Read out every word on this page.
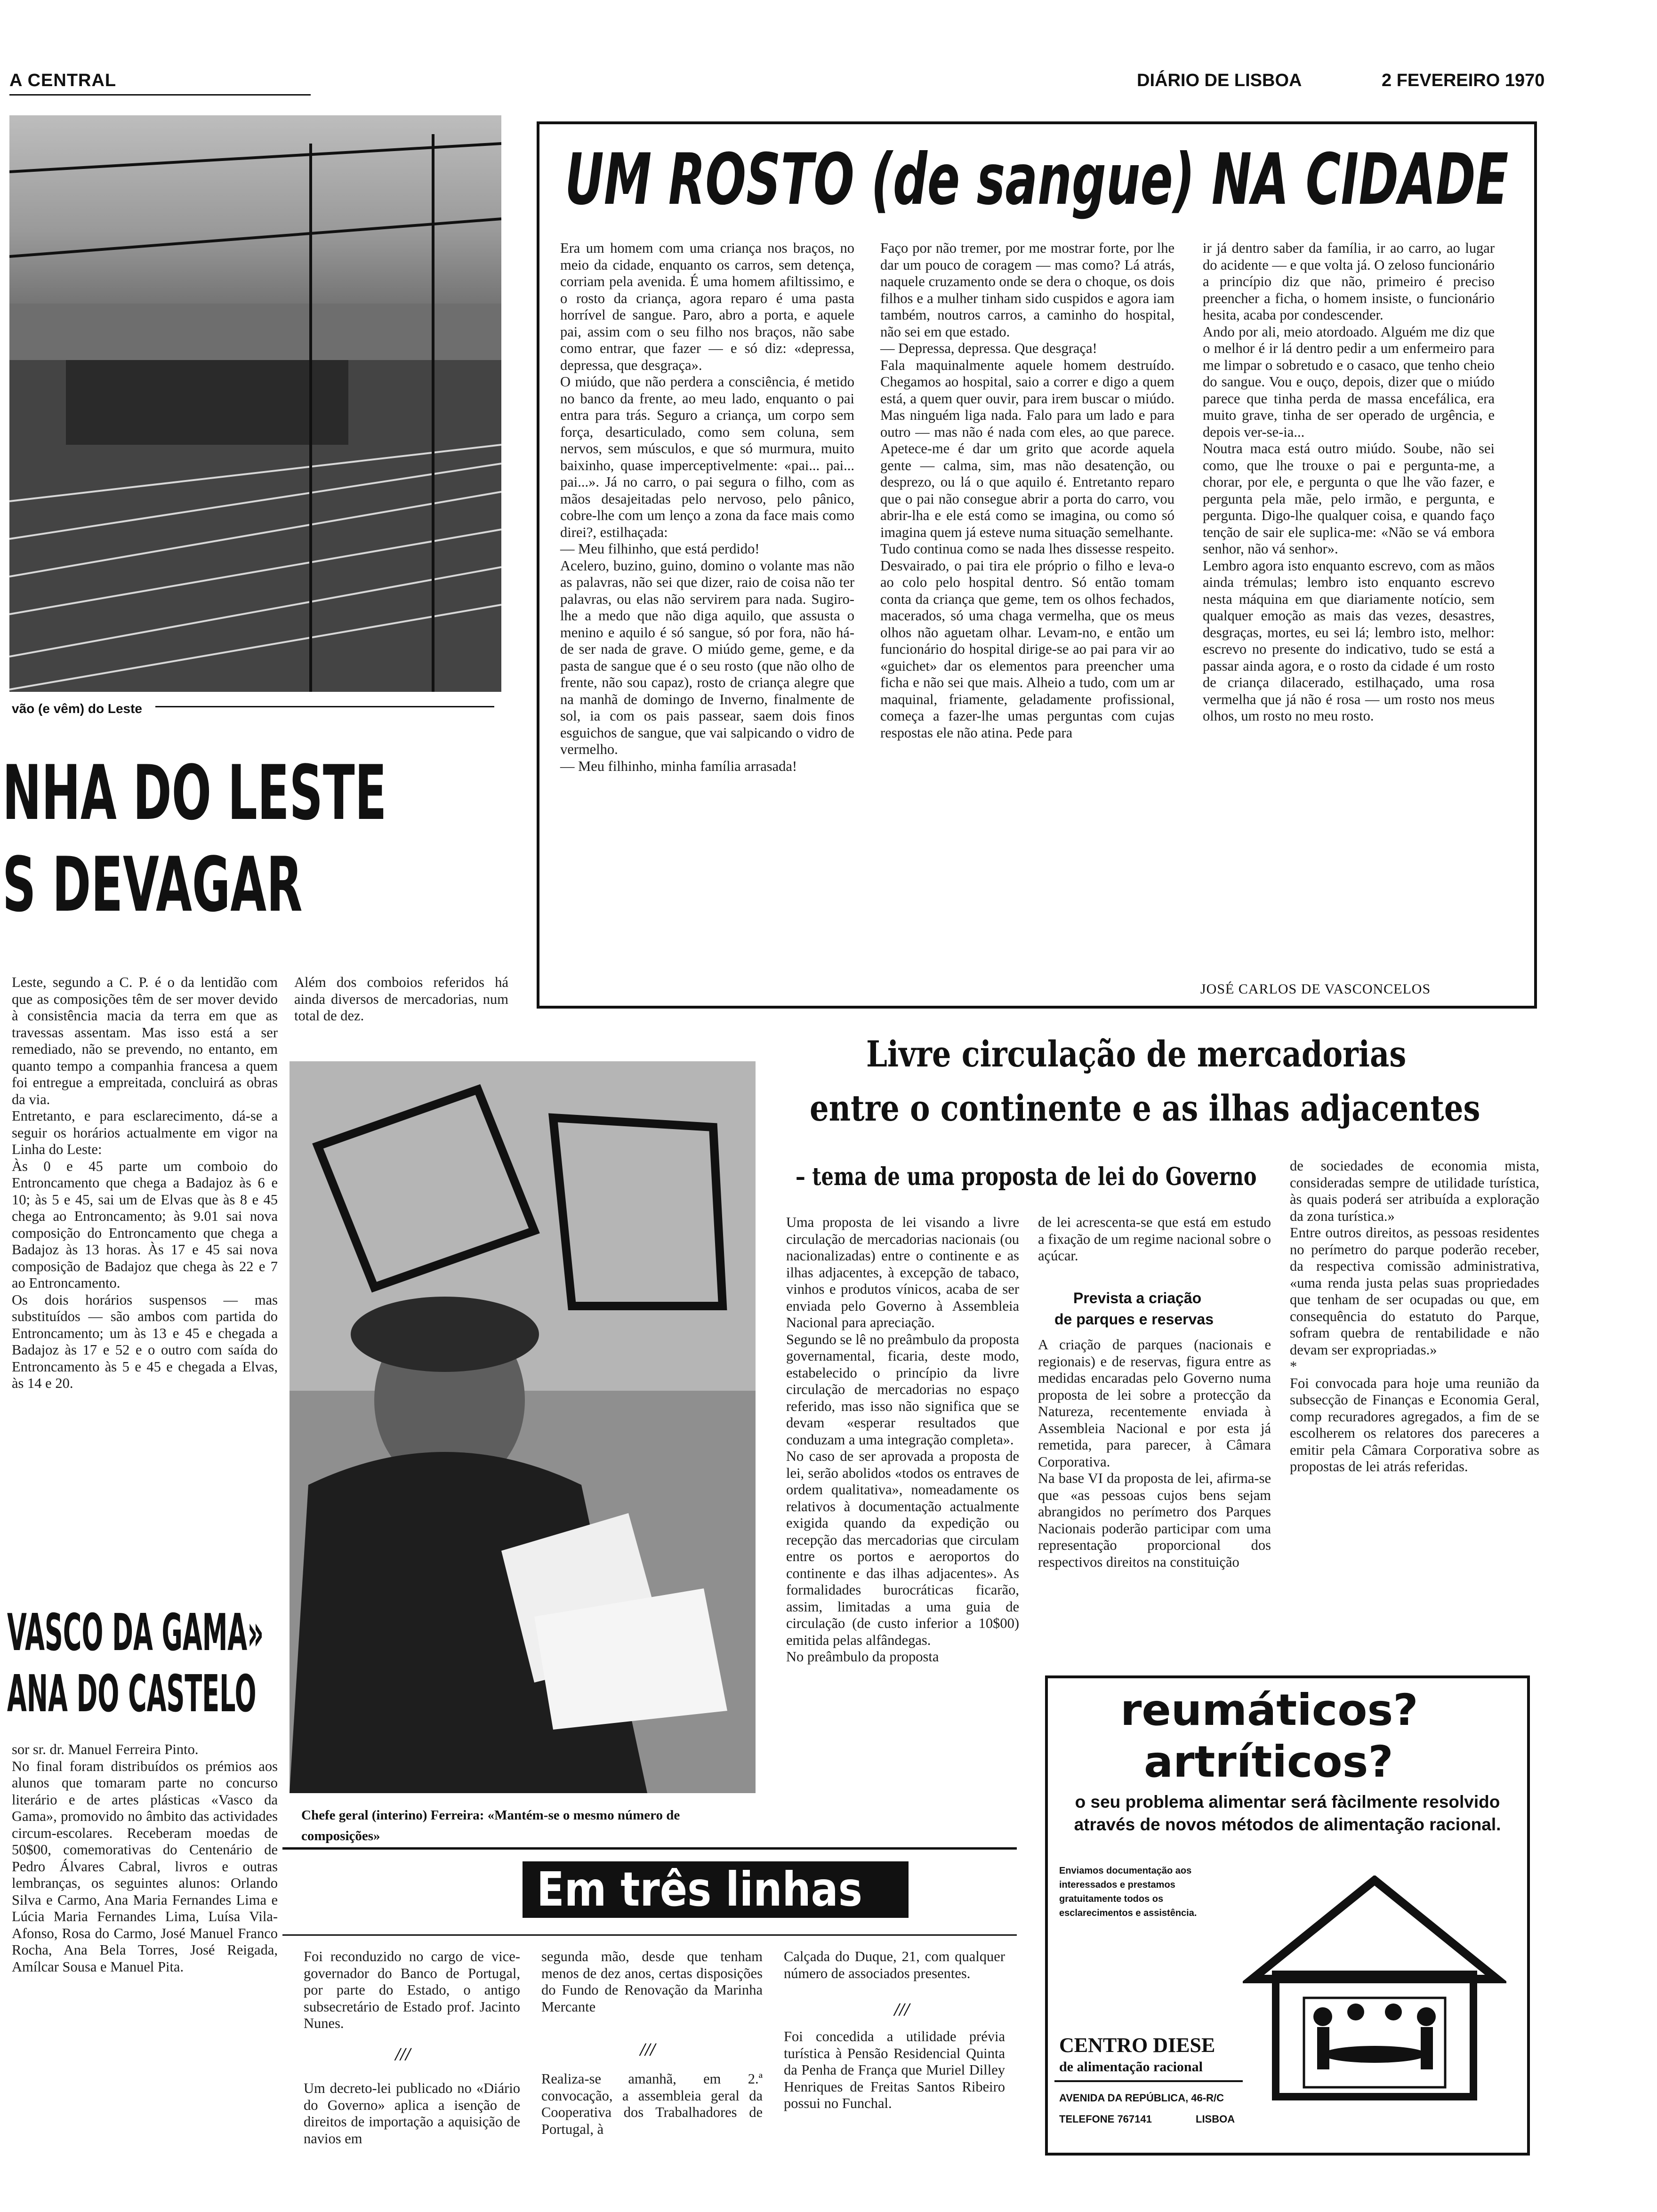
A CENTRAL	DIÁRIO DE LISBOA	2 FEVEREIRO 1970
vão (e vêm) do Leste
NHA DO LESTE
S DEVAGAR
Leste, segundo a C. P. é o da lentidão com que as composições têm de ser mover devido à consistência macia da terra em que as travessas assentam. Mas isso está a ser remediado, não se prevendo, no entanto, em quanto tempo a companhia francesa a quem foi entregue a empreitada, concluirá as obras da via.
Entretanto, e para esclarecimento, dá-se a seguir os horários actualmente em vigor na Linha do Leste:
Às 0 e 45 parte um comboio do Entroncamento que chega a Badajoz às 6 e 10; às 5 e 45, sai um de Elvas que às 8 e 45 chega ao Entroncamento; às 9.01 sai nova composição do Entroncamento que chega a Badajoz às 13 horas. Às 17 e 45 sai nova composição de Badajoz que chega às 22 e 7 ao Entroncamento.
Os dois horários suspensos — mas substituídos — são ambos com partida do Entroncamento; um às 13 e 45 e chegada a Badajoz às 17 e 52 e o outro com saída do Entroncamento às 5 e 45 e chegada a Elvas, às 14 e 20.
Além dos comboios referidos há ainda diversos de mercadorias, num total de dez.
VASCO DA GAMA»
ANA DO CASTELO
sor sr. dr. Manuel Ferreira Pinto.
No final foram distribuídos os prémios aos alunos que tomaram parte no concurso literário e de artes plásticas «Vasco da Gama», promovido no âmbito das actividades circum-escolares. Receberam moedas de 50$00, comemorativas do Centenário de Pedro Álvares Cabral, livros e outras lembranças, os seguintes alunos: Orlando Silva e Carmo, Ana Maria Fernandes Lima e Lúcia Maria Fernandes Lima, Luísa Vila-Afonso, Rosa do Carmo, José Manuel Franco Rocha, Ana Bela Torres, José Reigada, Amílcar Sousa e Manuel Pita.
UM ROSTO (de sangue) NA CIDADE
Era um homem com uma criança nos braços, no meio da cidade, enquanto os carros, sem detença, corriam pela avenida. É uma homem afiltissimo, e o rosto da criança, agora reparo é uma pasta horrível de sangue. Paro, abro a porta, e aquele pai, assim com o seu filho nos braços, não sabe como entrar, que fazer — e só diz: «depressa, depressa, que desgraça».
O miúdo, que não perdera a consciência, é metido no banco da frente, ao meu lado, enquanto o pai entra para trás. Seguro a criança, um corpo sem força, desarticulado, como sem coluna, sem nervos, sem músculos, e que só murmura, muito baixinho, quase imperceptivelmente: «pai... pai... pai...». Já no carro, o pai segura o filho, com as mãos desajeitadas pelo nervoso, pelo pânico, cobre-lhe com um lenço a zona da face mais como direi?, estilhaçada:
— Meu filhinho, que está perdido!
Acelero, buzino, guino, domino o volante mas não as palavras, não sei que dizer, raio de coisa não ter palavras, ou elas não servirem para nada. Sugiro-lhe a medo que não diga aquilo, que assusta o menino e aquilo é só sangue, só por fora, não há-de ser nada de grave. O miúdo geme, geme, e da pasta de sangue que é o seu rosto (que não olho de frente, não sou capaz), rosto de criança alegre que na manhã de domingo de Inverno, finalmente de sol, ia com os pais passear, saem dois finos esguichos de sangue, que vai salpicando o vidro de vermelho.
— Meu filhinho, minha família arrasada!
Faço por não tremer, por me mostrar forte, por lhe dar um pouco de coragem — mas como? Lá atrás, naquele cruzamento onde se dera o choque, os dois filhos e a mulher tinham sido cuspidos e agora iam também, noutros carros, a caminho do hospital, não sei em que estado.
— Depressa, depressa. Que desgraça!
Fala maquinalmente aquele homem destruído. Chegamos ao hospital, saio a correr e digo a quem está, a quem quer ouvir, para irem buscar o miúdo. Mas ninguém liga nada. Falo para um lado e para outro — mas não é nada com eles, ao que parece. Apetece-me é dar um grito que acorde aquela gente — calma, sim, mas não desatenção, ou desprezo, ou lá o que aquilo é. Entretanto reparo que o pai não consegue abrir a porta do carro, vou abrir-lha e ele está como se imagina, ou como só imagina quem já esteve numa situação semelhante.
Tudo continua como se nada lhes dissesse respeito. Desvairado, o pai tira ele próprio o filho e leva-o ao colo pelo hospital dentro. Só então tomam conta da criança que geme, tem os olhos fechados, macerados, só uma chaga vermelha, que os meus olhos não aguetam olhar. Levam-no, e então um funcionário do hospital dirige-se ao pai para vir ao «guichet» dar os elementos para preencher uma ficha e não sei que mais. Alheio a tudo, com um ar maquinal, friamente, geladamente profissional, começa a fazer-lhe umas perguntas com cujas respostas ele não atina. Pede para
ir já dentro saber da família, ir ao carro, ao lugar do acidente — e que volta já. O zeloso funcionário a princípio diz que não, primeiro é preciso preencher a ficha, o homem insiste, o funcionário hesita, acaba por condescender.
Ando por ali, meio atordoado. Alguém me diz que o melhor é ir lá dentro pedir a um enfermeiro para me limpar o sobretudo e o casaco, que tenho cheio do sangue. Vou e ouço, depois, dizer que o miúdo parece que tinha perda de massa encefálica, era muito grave, tinha de ser operado de urgência, e depois ver-se-ia...
Noutra maca está outro miúdo. Soube, não sei como, que lhe trouxe o pai e pergunta-me, a chorar, por ele, e pergunta o que lhe vão fazer, e pergunta pela mãe, pelo irmão, e pergunta, e pergunta. Digo-lhe qualquer coisa, e quando faço tenção de sair ele suplica-me: «Não se vá embora senhor, não vá senhor».
Lembro agora isto enquanto escrevo, com as mãos ainda trémulas; lembro isto enquanto escrevo nesta máquina em que diariamente notício, sem qualquer emoção as mais das vezes, desastres, desgraças, mortes, eu sei lá; lembro isto, melhor: escrevo no presente do indicativo, tudo se está a passar ainda agora, e o rosto da cidade é um rosto de criança dilacerado, estilhaçado, uma rosa vermelha que já não é rosa — um rosto nos meus olhos, um rosto no meu rosto.
JOSÉ CARLOS DE VASCONCELOS
Chefe geral (interino) Ferreira: «Mantém-se o mesmo número de composições»
Livre circulação de mercadorias
entre o continente e as ilhas adjacentes
– tema de uma proposta de lei do Governo
Uma proposta de lei visando a livre circulação de mercadorias nacionais (ou nacionalizadas) entre o continente e as ilhas adjacentes, à excepção de tabaco, vinhos e produtos vínicos, acaba de ser enviada pelo Governo à Assembleia Nacional para apreciação.
Segundo se lê no preâmbulo da proposta governamental, ficaria, deste modo, estabelecido o princípio da livre circulação de mercadorias no espaço referido, mas isso não significa que se devam «esperar resultados que conduzam a uma integração completa».
No caso de ser aprovada a proposta de lei, serão abolidos «todos os entraves de ordem qualitativa», nomeadamente os relativos à documentação actualmente exigida quando da expedição ou recepção das mercadorias que circulam entre os portos e aeroportos do continente e das ilhas adjacentes». As formalidades burocráticas ficarão, assim, limitadas a uma guia de circulação (de custo inferior a 10$00) emitida pelas alfândegas.
No preâmbulo da proposta
de lei acrescenta-se que está em estudo a fixação de um regime nacional sobre o açúcar.
Prevista a criação
de parques e reservas
A criação de parques (nacionais e regionais) e de reservas, figura entre as medidas encaradas pelo Governo numa proposta de lei sobre a protecção da Natureza, recentemente enviada à Assembleia Nacional e por esta já remetida, para parecer, à Câmara Corporativa.
Na base VI da proposta de lei, afirma-se que «as pessoas cujos bens sejam abrangidos no perímetro dos Parques Nacionais poderão participar com uma representação proporcional dos respectivos direitos na constituição
de sociedades de economia mista, consideradas sempre de utilidade turística, às quais poderá ser atribuída a exploração da zona turística.»
Entre outros direitos, as pessoas residentes no perímetro do parque poderão receber, da respectiva comissão administrativa, «uma renda justa pelas suas propriedades que tenham de ser ocupadas ou que, em consequência do estatuto do Parque, sofram quebra de rentabilidade e não devam ser expropriadas.»
*
Foi convocada para hoje uma reunião da subsecção de Finanças e Economia Geral, comp recuradores agregados, a fim de se escolherem os relatores dos pareceres a emitir pela Câmara Corporativa sobre as propostas de lei atrás referidas.
reumáticos?
artríticos?
o seu problema alimentar será fàcilmente resolvido através de novos métodos de alimentação racional.
Enviamos documentação aos interessados e prestamos gratuitamente todos os esclarecimentos e assistência.
CENTRO DIESE
de alimentação racional
AVENIDA DA REPÚBLICA, 46-R/C
TELEFONE 767141	LISBOA
Em três linhas
Foi reconduzido no cargo de vice-governador do Banco de Portugal, por parte do Estado, o antigo subsecretário de Estado prof. Jacinto Nunes.
///
Um decreto-lei publicado no «Diário do Governo» aplica a isenção de direitos de importação a aquisição de navios em
segunda mão, desde que tenham menos de dez anos, certas disposições do Fundo de Renovação da Marinha Mercante
///
Realiza-se amanhã, em 2.ª convocação, a assembleia geral da Cooperativa dos Trabalhadores de Portugal, à
Calçada do Duque, 21, com qualquer número de associados presentes.
///
Foi concedida a utilidade prévia turística à Pensão Residencial Quinta da Penha de França que Muriel Dilley Henriques de Freitas Santos Ribeiro possui no Funchal.
